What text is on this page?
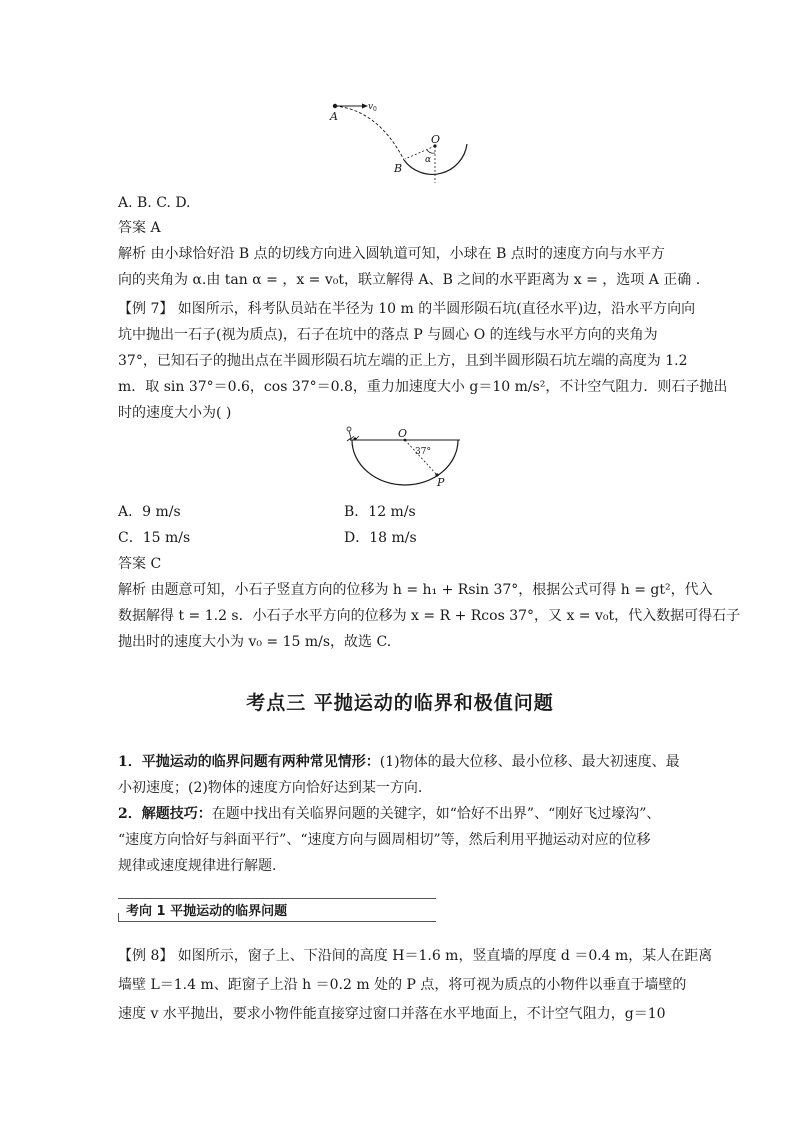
A
v 0
O
B
α
A. B. C. D.
答案 A
解析 由小球恰好沿 B 点的切线方向进入圆轨道可知，小球在 B 点时的速度方向与水平方
向的夹角为 α.由 tan α = ，x = v₀t，联立解得 A、B 之间的水平距离为 x = ，选项 A 正确 .
【例 7】 如图所示，科考队员站在半径为 10 m 的半圆形陨石坑(直径水平)边，沿水平方向向
坑中抛出一石子(视为质点)，石子在坑中的落点 P 与圆心 O 的连线与水平方向的夹角为
37°，已知石子的抛出点在半圆形陨石坑左端的正上方，且到半圆形陨石坑左端的高度为 1.2
m．取 sin 37°＝0.6，cos 37°＝0.8，重力加速度大小 g＝10 m/s²，不计空气阻力．则石子抛出
时的速度大小为( )
O
37°
P
A．9 m/s	B．12 m/s
C．15 m/s	D．18 m/s
答案 C
解析 由题意可知，小石子竖直方向的位移为 h = h₁ + Rsin 37°，根据公式可得 h = gt²，代入
数据解得 t = 1.2 s．小石子水平方向的位移为 x = R + Rcos 37°，又 x = v₀t，代入数据可得石子
抛出时的速度大小为 v₀ = 15 m/s，故选 C.
考点三 平抛运动的临界和极值问题
1．平抛运动的临界问题有两种常见情形：(1)物体的最大位移、最小位移、最大初速度、最
小初速度；(2)物体的速度方向恰好达到某一方向.
2．解题技巧：在题中找出有关临界问题的关键字，如“恰好不出界”、“刚好飞过壕沟”、
“速度方向恰好与斜面平行”、“速度方向与圆周相切”等，然后利用平抛运动对应的位移
规律或速度规律进行解题.
考向 1 平抛运动的临界问题
【例 8】 如图所示，窗子上、下沿间的高度 H＝1.6 m，竖直墙的厚度 d ＝0.4 m，某人在距离
墙壁 L＝1.4 m、距窗子上沿 h ＝0.2 m 处的 P 点，将可视为质点的小物件以垂直于墙壁的
速度 v 水平抛出，要求小物件能直接穿过窗口并落在水平地面上，不计空气阻力，g＝10
